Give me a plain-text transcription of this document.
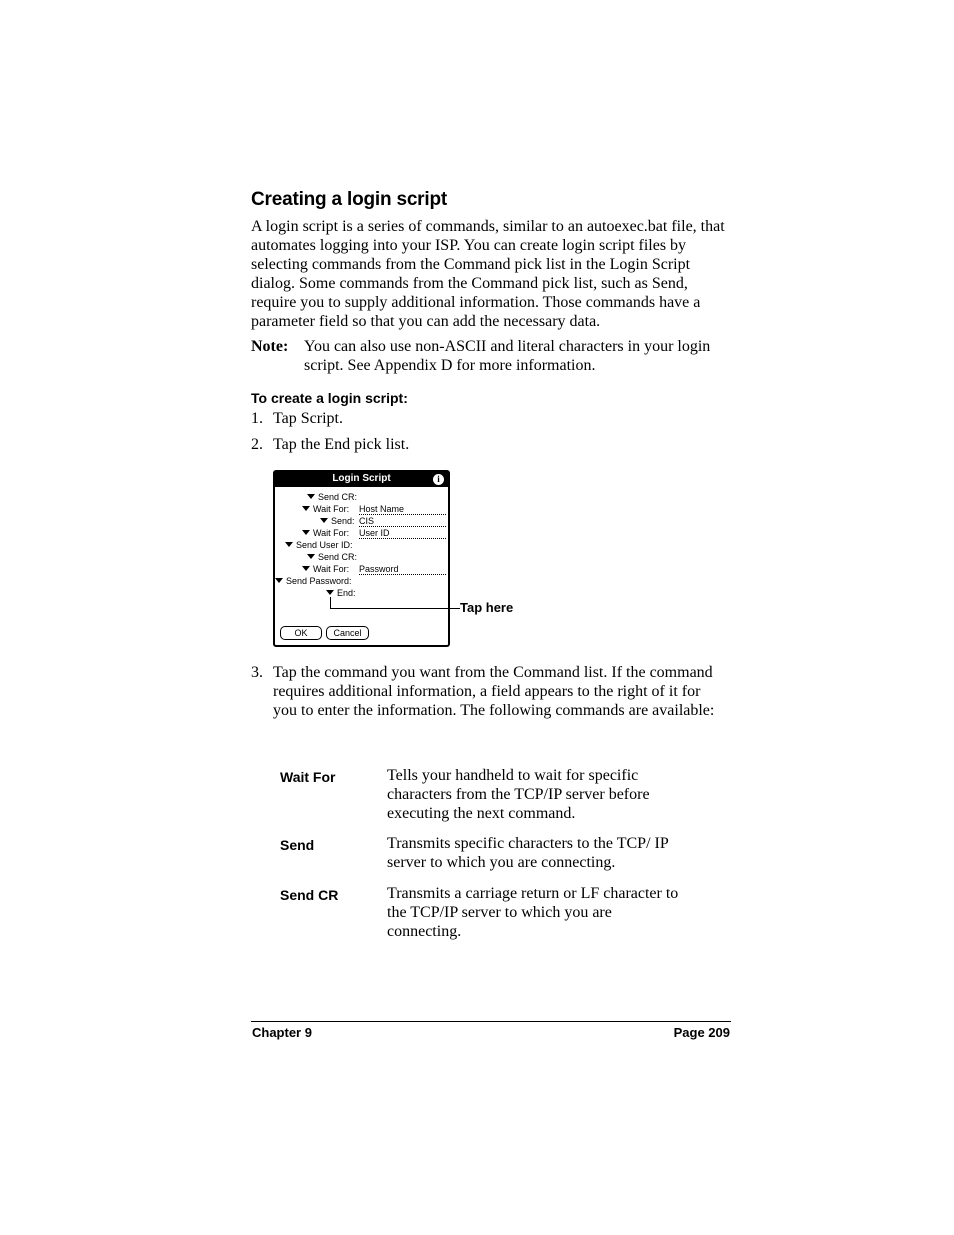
Creating a login script
A login script is a series of commands, similar to an autoexec.bat file, that automates logging into your ISP. You can create login script files by selecting commands from the Command pick list in the Login Script dialog. Some commands from the Command pick list, such as Send, require you to supply additional information. Those commands have a parameter field so that you can add the necessary data.
Note: You can also use non-ASCII and literal characters in your login script. See Appendix D for more information.
To create a login script:
1. Tap Script.
2. Tap the End pick list.
Login Script	i
Send CR:
Wait For: Host Name
Send: CIS
Wait For: User ID
Send User ID:
Send CR:
Wait For: Password
Send Password:
End:
OK	Cancel
Tap here
3. Tap the command you want from the Command list. If the command requires additional information, a field appears to the right of it for you to enter the information. The following commands are available:
Wait For	Tells your handheld to wait for specific characters from the TCP/IP server before executing the next command.
Send	Transmits specific characters to the TCP/ IP server to which you are connecting.
Send CR	Transmits a carriage return or LF character to the TCP/IP server to which you are connecting.
Chapter 9	Page 209
